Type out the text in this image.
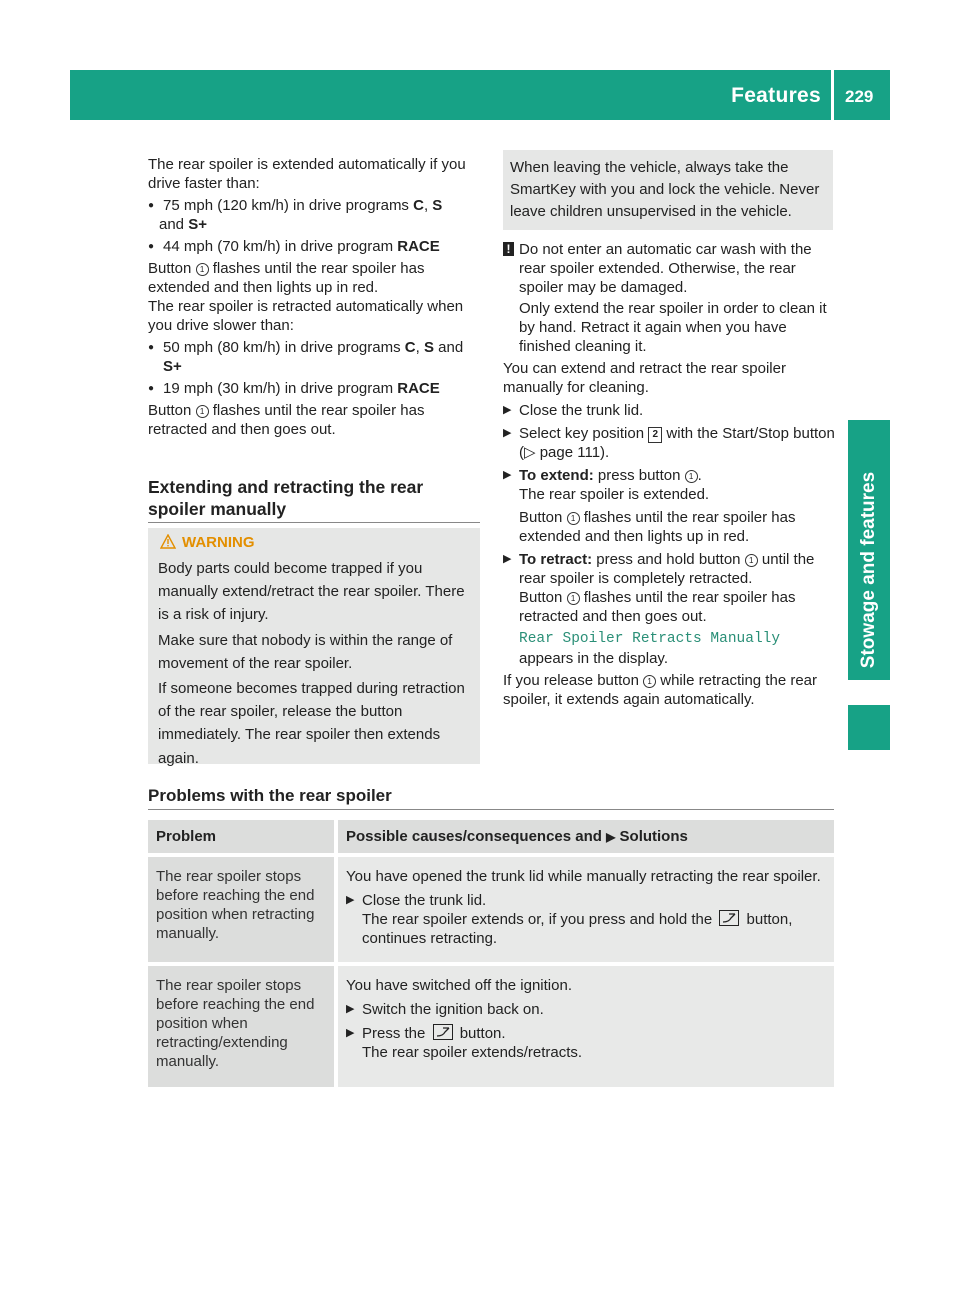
Features 229
Stowage and features

The rear spoiler is extended automatically if you drive faster than:

● 75 mph (120 km/h) in drive programs C, S
and S+

● 44 mph (70 km/h) in drive program RACE

Button 1 flashes until the rear spoiler has extended and then lights up in red.

The rear spoiler is retracted automatically when you drive slower than:

● 50 mph (80 km/h) in drive programs C, S and
S+

● 19 mph (30 km/h) in drive program RACE

Button 1 flashes until the rear spoiler has retracted and then goes out.

Extending and retracting the rear spoiler manually
WARNING

Body parts could become trapped if you manually extend/retract the rear spoiler. There is a risk of injury.

Make sure that nobody is within the range of movement of the rear spoiler.

If someone becomes trapped during retraction of the rear spoiler, release the button immediately. The rear spoiler then extends again.

When leaving the vehicle, always take the SmartKey with you and lock the vehicle. Never leave children unsupervised in the vehicle.

! Do not enter an automatic car wash with the rear spoiler extended. Otherwise, the rear spoiler may be damaged.

Only extend the rear spoiler in order to clean it by hand. Retract it again when you have finished cleaning it.

You can extend and retract the rear spoiler manually for cleaning.

▶ Close the trunk lid.

▶ Select key position 2 with the Start/Stop button (▷ page 111).

▶ To extend: press button 1 .
The rear spoiler is extended.

Button 1 flashes until the rear spoiler has extended and then lights up in red.

▶ To retract: press and hold button 1 until the rear spoiler is completely retracted.

Button 1 flashes until the rear spoiler has retracted and then goes out.

Rear Spoiler Retracts Manually

appears in the display.

If you release button 1 while retracting the rear spoiler, it extends again automatically.

Problems with the rear spoiler
Problem	Possible causes/consequences and ▶ Solutions
The rear spoiler stops before reaching the end position when retracting manually.	You have opened the trunk lid while manually retracting the rear spoiler.
▶ Close the trunk lid.
The rear spoiler extends or, if you press and hold the  button, continues retracting.

The rear spoiler stops before reaching the end position when retracting/extending manually.	You have switched off the ignition.
▶ Switch the ignition back on.
▶ Press the  button.
The rear spoiler extends/retracts.
